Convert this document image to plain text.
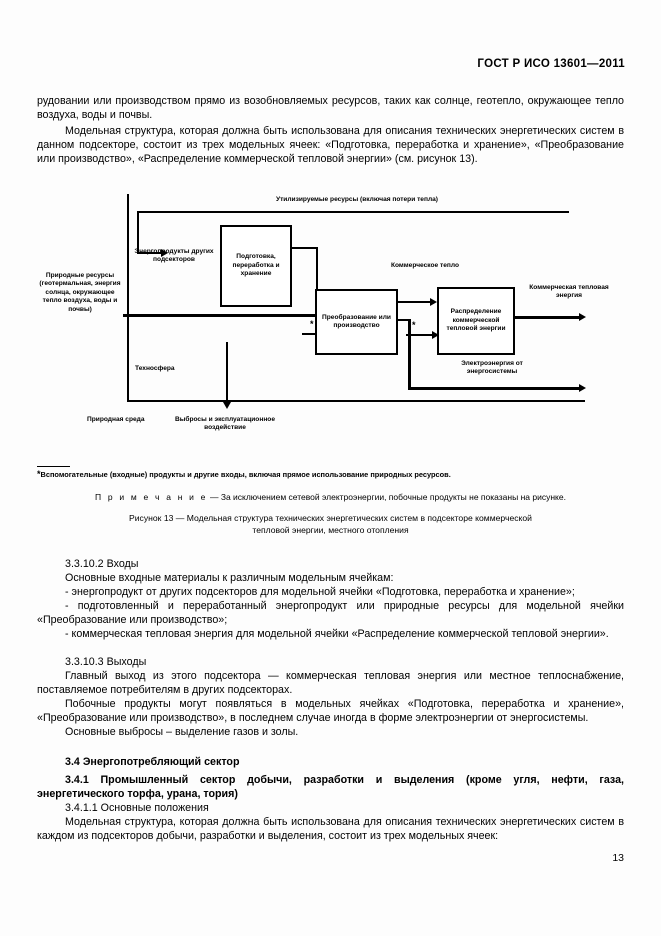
ГОСТ Р ИСО 13601—2011

рудовании или производством прямо из возобновляемых ресурсов, таких как солнце, геотепло, окружающее тепло воздуха, воды и почвы.

Модельная структура, которая должна быть использована для описания технических энергетических систем в данном подсекторе, состоит из трех модельных ячеек: «Подготовка, переработка и хранение», «Преобразование или производство», «Распределение коммерческой тепловой энергии» (см. рисунок 13).

Утилизируемые ресурсы (включая потери тепла)
Энергопродукты других подсекторов	Подготовка, переработка и хранение
Природные ресурсы (геотермальная, энергия солнца, окружающее тепло воздуха, воды и почвы)
*
Преобразование или производство
Коммерческое тепло
*
Распределение коммерческой тепловой энергии
Коммерческая тепловая энергия
Электроэнергия от энергосистемы
Техносфера
Природная среда	Выбросы и эксплуатационное воздействие
*Вспомогательные (входные) продукты и другие входы, включая прямое использование природных ресурсов.
П р и м е ч а н и е — За исключением сетевой электроэнергии, побочные продукты не показаны на рисунке.
Рисунок 13 — Модельная структура технических энергетических систем в подсекторе коммерческой
тепловой энергии, местного отопления

3.3.10.2 Входы

Основные входные материалы к различным модельным ячейкам:

- энергопродукт от других подсекторов для модельной ячейки «Подготовка, переработка и хранение»;

- подготовленный и переработанный энергопродукт или природные ресурсы для модельной ячейки «Преобразование или производство»;

- коммерческая тепловая энергия для модельной ячейки «Распределение коммерческой тепловой энергии».

3.3.10.3 Выходы

Главный выход из этого подсектора — коммерческая тепловая энергия или местное теплоснабжение, поставляемое потребителям в других подсекторах.

Побочные продукты могут появляться в модельных ячейках «Подготовка, переработка и хранение», «Преобразование или производство», в последнем случае иногда в форме электроэнергии от энергосистемы.

Основные выбросы – выделение газов и золы.

3.4 Энергопотребляющий сектор

3.4.1 Промышленный сектор добычи, разработки и выделения (кроме угля, нефти, газа, энергетического торфа, урана, тория)

3.4.1.1 Основные положения

Модельная структура, которая должна быть использована для описания технических энергетических систем в каждом из подсекторов добычи, разработки и выделения, состоит из трех модельных ячеек:

13
